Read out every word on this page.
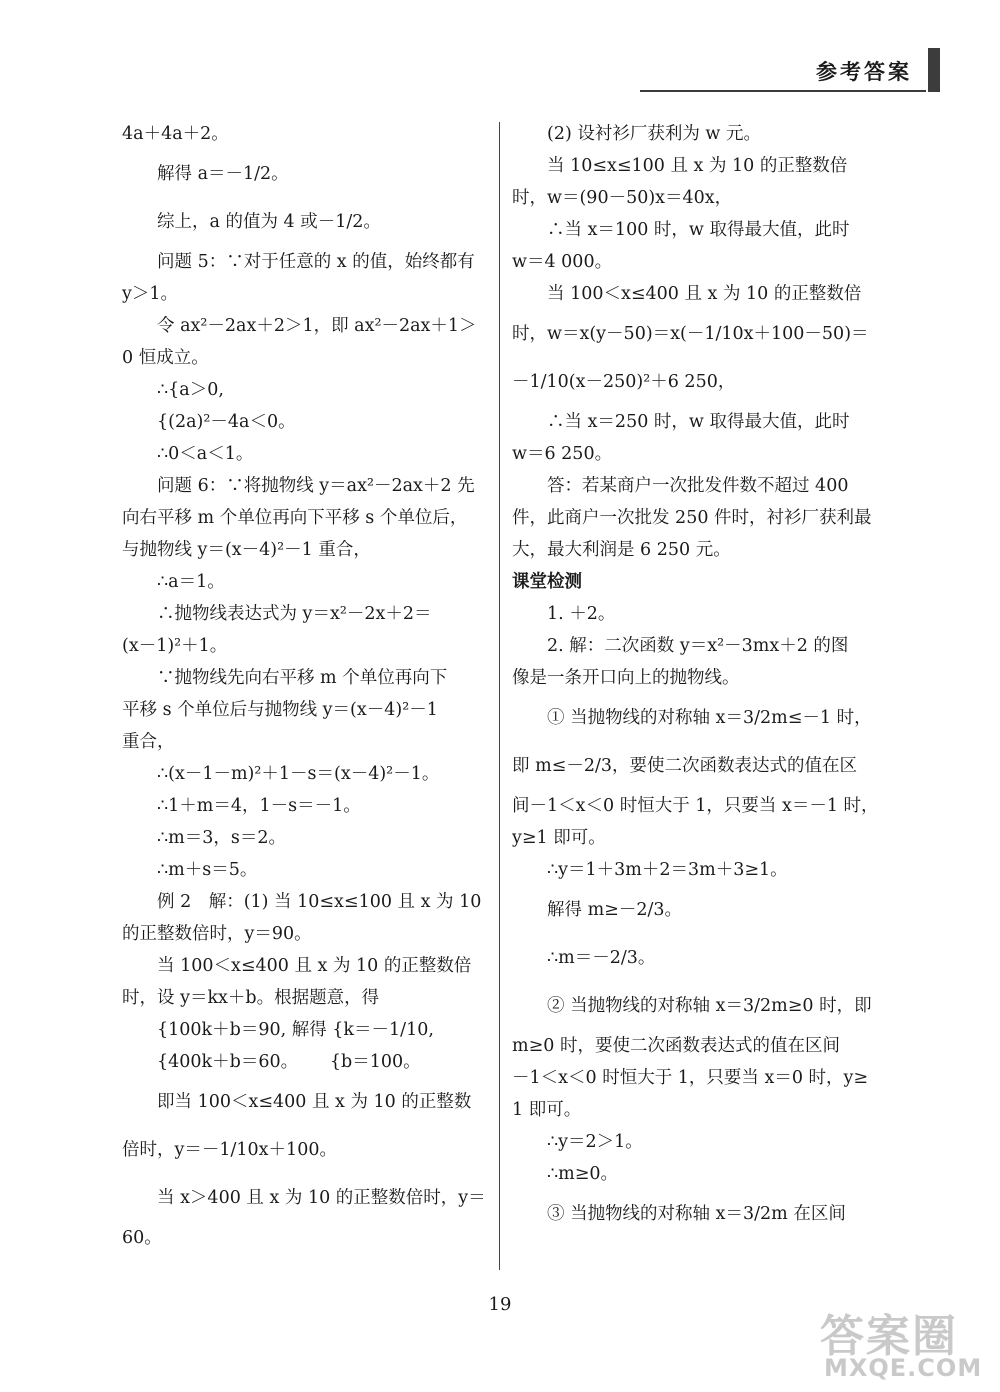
参考答案
4a＋4a＋2。
解得 a＝－1/2。
综上，a 的值为 4 或－1/2。
问题 5：∵对于任意的 x 的值，始终都有
y＞1。
令 ax²－2ax＋2＞1，即 ax²－2ax＋1＞
0 恒成立。
∴{a＞0,
{(2a)²－4a＜0。
∴0＜a＜1。
问题 6：∵将抛物线 y＝ax²－2ax＋2 先
向右平移 m 个单位再向下平移 s 个单位后，
与抛物线 y＝(x－4)²－1 重合，
∴a＝1。
∴抛物线表达式为 y＝x²－2x＋2＝
(x－1)²＋1。
∵抛物线先向右平移 m 个单位再向下
平移 s 个单位后与抛物线 y＝(x－4)²－1
重合，
∴(x－1－m)²＋1－s＝(x－4)²－1。
∴1＋m＝4，1－s＝－1。
∴m＝3，s＝2。
∴m＋s＝5。
例 2　解：(1) 当 10≤x≤100 且 x 为 10
的正整数倍时，y＝90。
当 100＜x≤400 且 x 为 10 的正整数倍
时，设 y＝kx＋b。根据题意，得
{100k＋b＝90, 解得 {k＝－1/10,
{400k＋b＝60。　　 {b＝100。
即当 100＜x≤400 且 x 为 10 的正整数
倍时，y＝－1/10x＋100。
当 x＞400 且 x 为 10 的正整数倍时，y＝
60。
(2) 设衬衫厂获利为 w 元。
当 10≤x≤100 且 x 为 10 的正整数倍
时，w＝(90－50)x＝40x，
∴当 x＝100 时，w 取得最大值，此时
w＝4 000。
当 100＜x≤400 且 x 为 10 的正整数倍
时，w＝x(y－50)＝x(－1/10x＋100－50)＝
－1/10(x－250)²＋6 250，
∴当 x＝250 时，w 取得最大值，此时
w＝6 250。
答：若某商户一次批发件数不超过 400
件，此商户一次批发 250 件时，衬衫厂获利最
大，最大利润是 6 250 元。
课堂检测
1. ＋2。
2. 解：二次函数 y＝x²－3mx＋2 的图
像是一条开口向上的抛物线。
① 当抛物线的对称轴 x＝3/2m≤－1 时，
即 m≤－2/3，要使二次函数表达式的值在区
间－1＜x＜0 时恒大于 1，只要当 x＝－1 时，
y≥1 即可。
∴y＝1＋3m＋2＝3m＋3≥1。
解得 m≥－2/3。
∴m＝－2/3。
② 当抛物线的对称轴 x＝3/2m≥0 时，即
m≥0 时，要使二次函数表达式的值在区间
－1＜x＜0 时恒大于 1，只要当 x＝0 时，y≥
1 即可。
∴y＝2＞1。
∴m≥0。
③ 当抛物线的对称轴 x＝3/2m 在区间
19
答案圈
MXQE.COM
